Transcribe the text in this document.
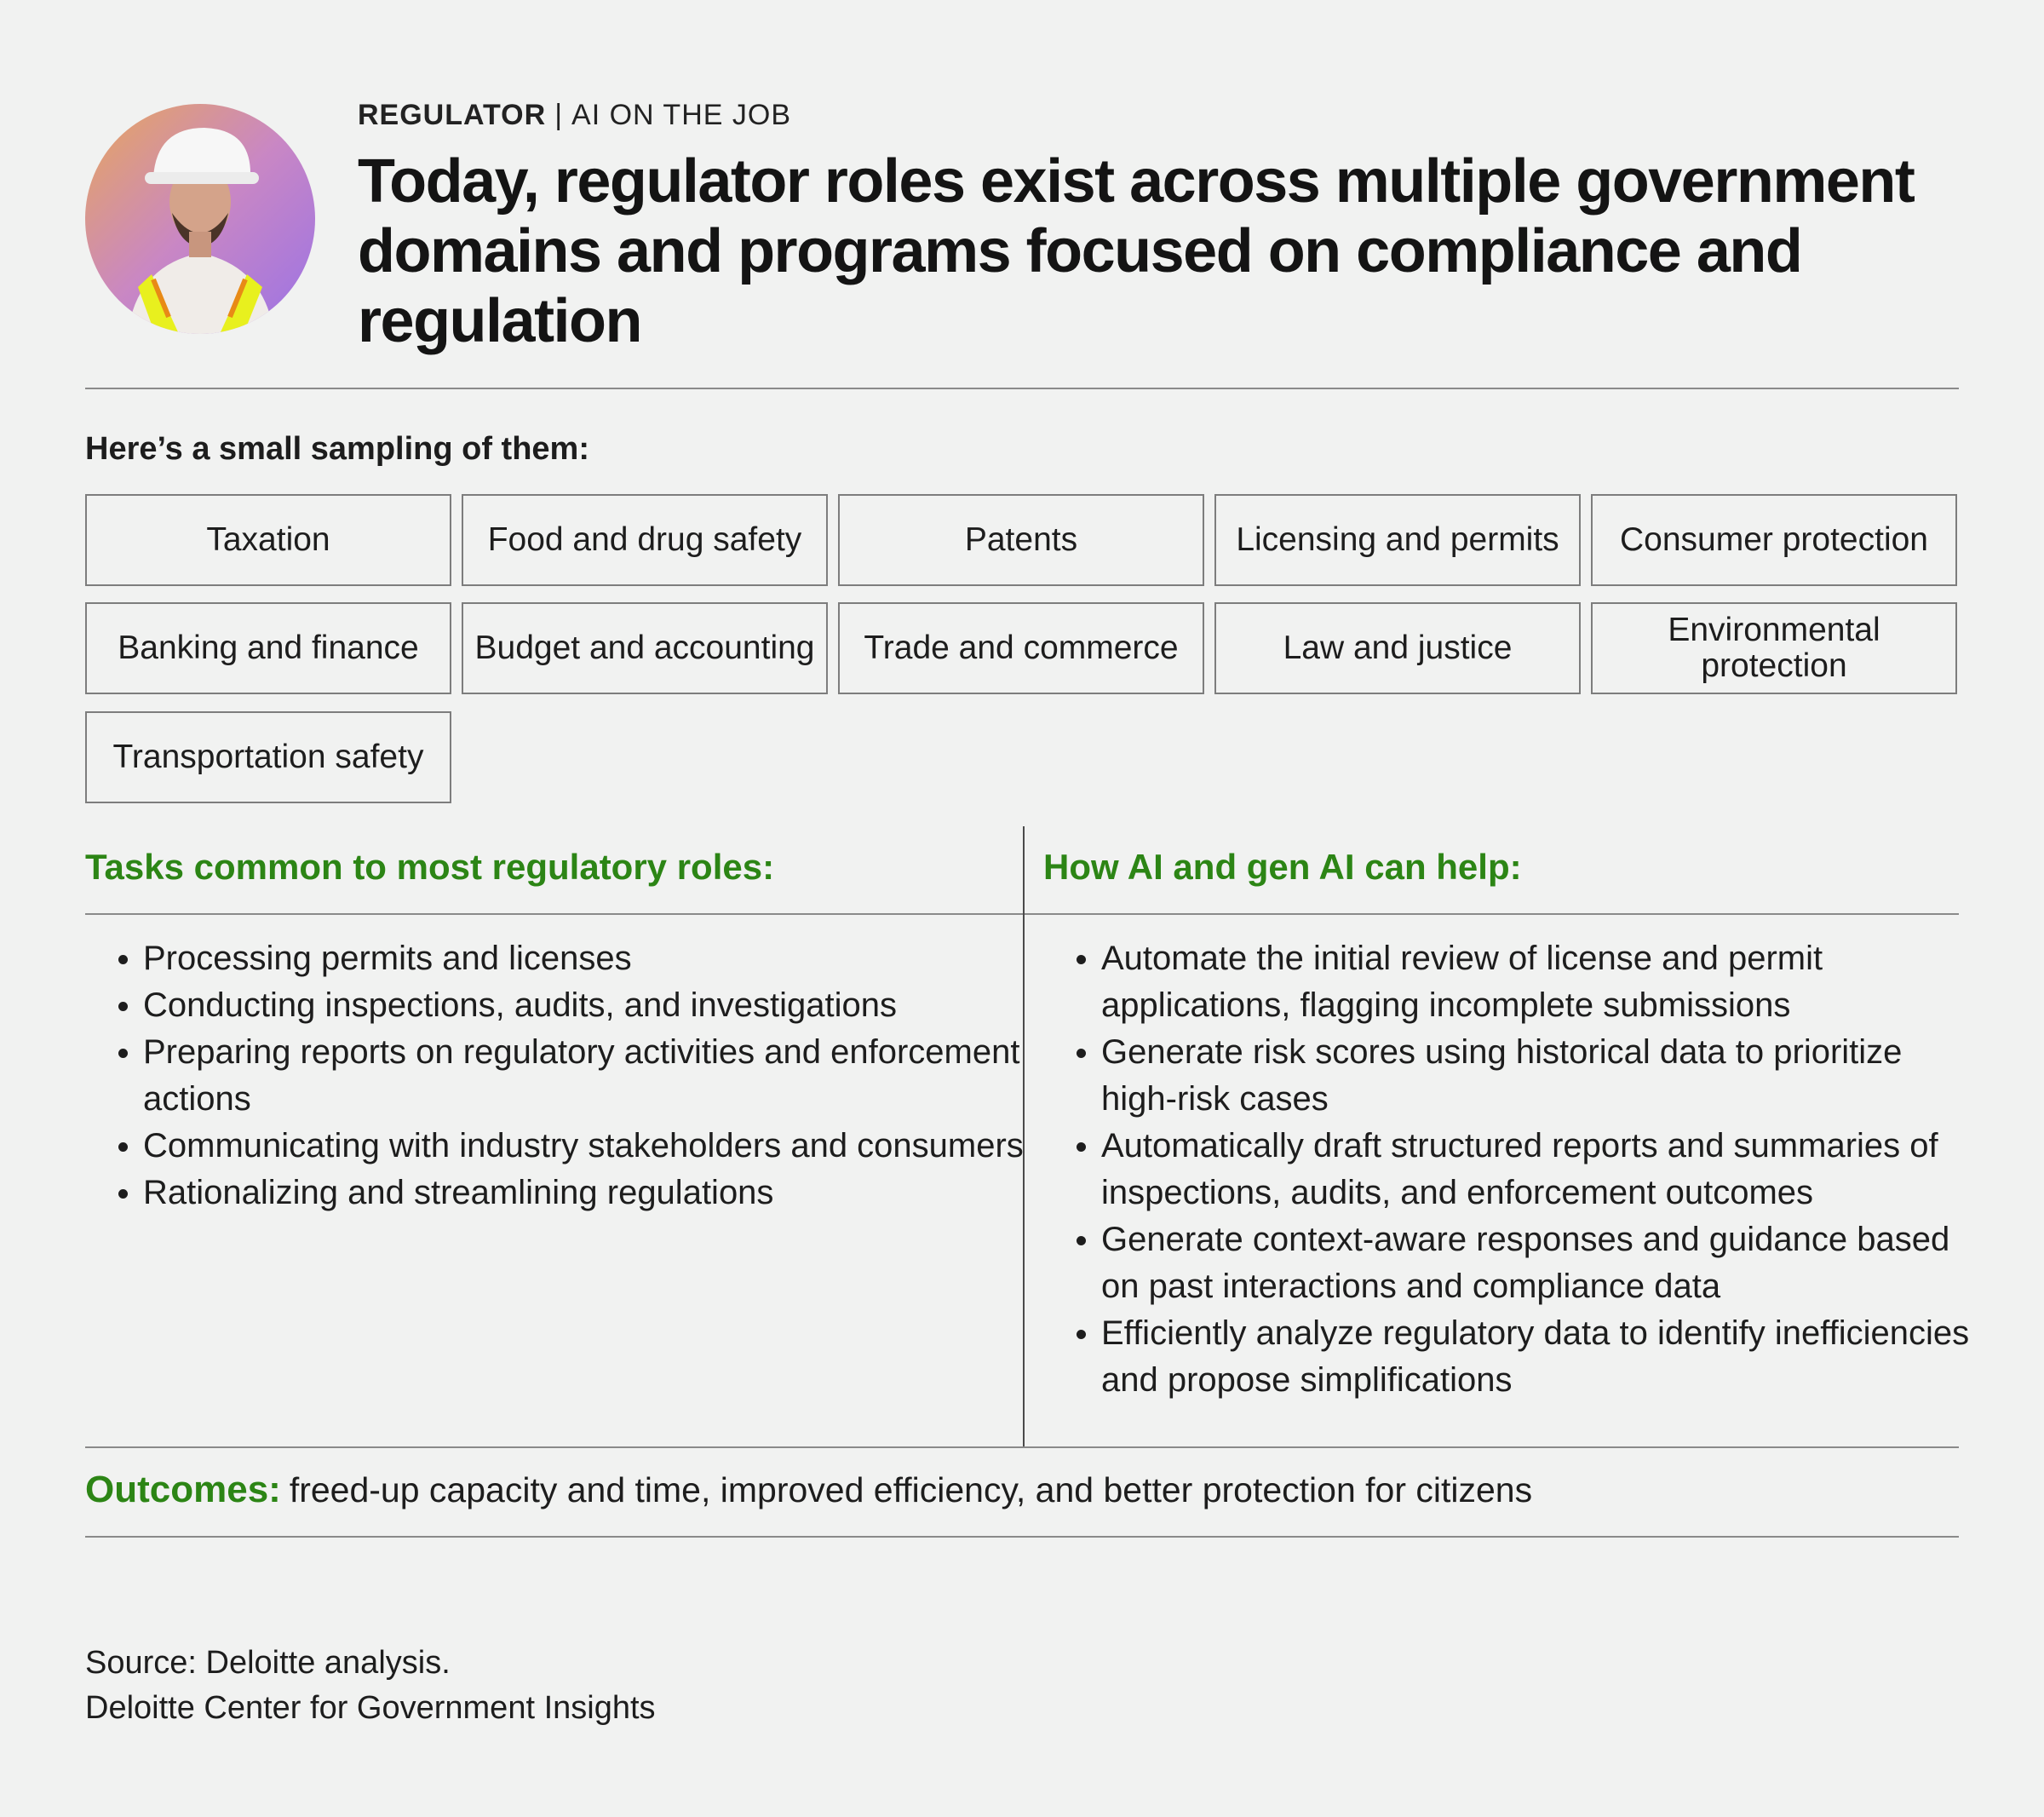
REGULATOR | AI ON THE JOB
Today, regulator roles exist across multiple government domains and programs focused on compliance and regulation
Here’s a small sampling of them:
Taxation	Food and drug safety	Patents	Licensing and permits	Consumer protection
Banking and finance	Budget and accounting	Trade and commerce	Law and justice	Environmental protection
Transportation safety
Tasks common to most regulatory roles:	How AI and gen AI can help:
• Processing permits and licenses
• Conducting inspections, audits, and investigations
• Preparing reports on regulatory activities and enforcement actions
• Communicating with industry stakeholders and consumers
• Rationalizing and streamlining regulations
• Automate the initial review of license and permit applications, flagging incomplete submissions
• Generate risk scores using historical data to prioritize high-risk cases
• Automatically draft structured reports and summaries of inspections, audits, and enforcement outcomes
• Generate context-aware responses and guidance based on past interactions and compliance data
• Efficiently analyze regulatory data to identify inefficiencies and propose simplifications
Outcomes: freed-up capacity and time, improved efficiency, and better protection for citizens
Source: Deloitte analysis.
Deloitte Center for Government Insights
